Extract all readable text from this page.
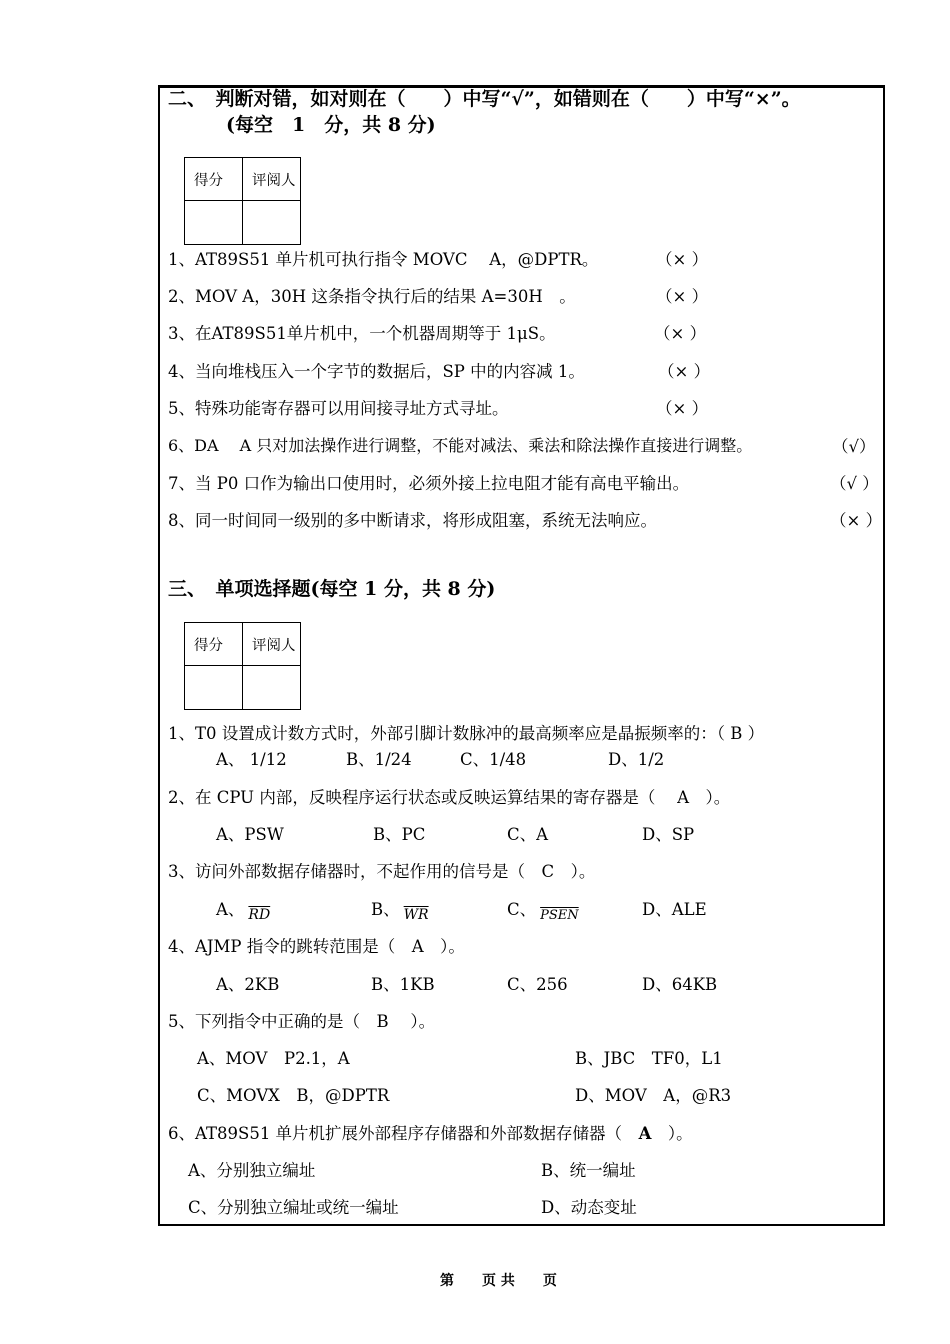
二、　判断对错，如对则在（　　）中写“√”，如错则在（　　）中写“×”。
(每空　1　分，共 8 分)
得分	评阅人

1、AT89S51 单片机可执行指令 MOVC　 A，@DPTR。	（× ）
2、MOV A，30H 这条指令执行后的结果 A=30H　。	（× ）
3、在AT89S51单片机中，一个机器周期等于 1μS。	（× ）
4、当向堆栈压入一个字节的数据后，SP 中的内容减 1。	（× ）
5、特殊功能寄存器可以用间接寻址方式寻址。	（× ）
6、DA　 A 只对加法操作进行调整，不能对减法、乘法和除法操作直接进行调整。	（√）
7、当 P0 口作为输出口使用时，必须外接上拉电阻才能有高电平输出。	（√ ）
8、同一时间同一级别的多中断请求，将形成阻塞，系统无法响应。	（× ）
三、　单项选择题(每空 1 分，共 8 分)
得分	评阅人

1、T0 设置成计数方式时，外部引脚计数脉冲的最高频率应是晶振频率的：（ B ）
A、 1/12	B、1/24	C、1/48	D、1/2
2、在 CPU 内部，反映程序运行状态或反映运算结果的寄存器是（　 A　）。
A、PSW	B、PC	C、A	D、SP
3、访问外部数据存储器时，不起作用的信号是（　C　）。
A、 $_{\overline{RD}}$	B、 $_{\overline{WR}}$	C、 $_{PSEN}$	D、ALE
4、AJMP 指令的跳转范围是（　A　）。
A、2KB	B、1KB	C、256	D、64KB
5、下列指令中正确的是（　B　 ）。
A、MOV　P2.1，A	B、JBC　TF0，L1
C、MOVX　B，@DPTR	D、MOV　A，@R3
6、AT89S51 单片机扩展外部程序存储器和外部数据存储器（　A　）。
A、分别独立编址	B、统一编址
C、分别独立编址或统一编址	D、动态变址
第　　页 共　　页
